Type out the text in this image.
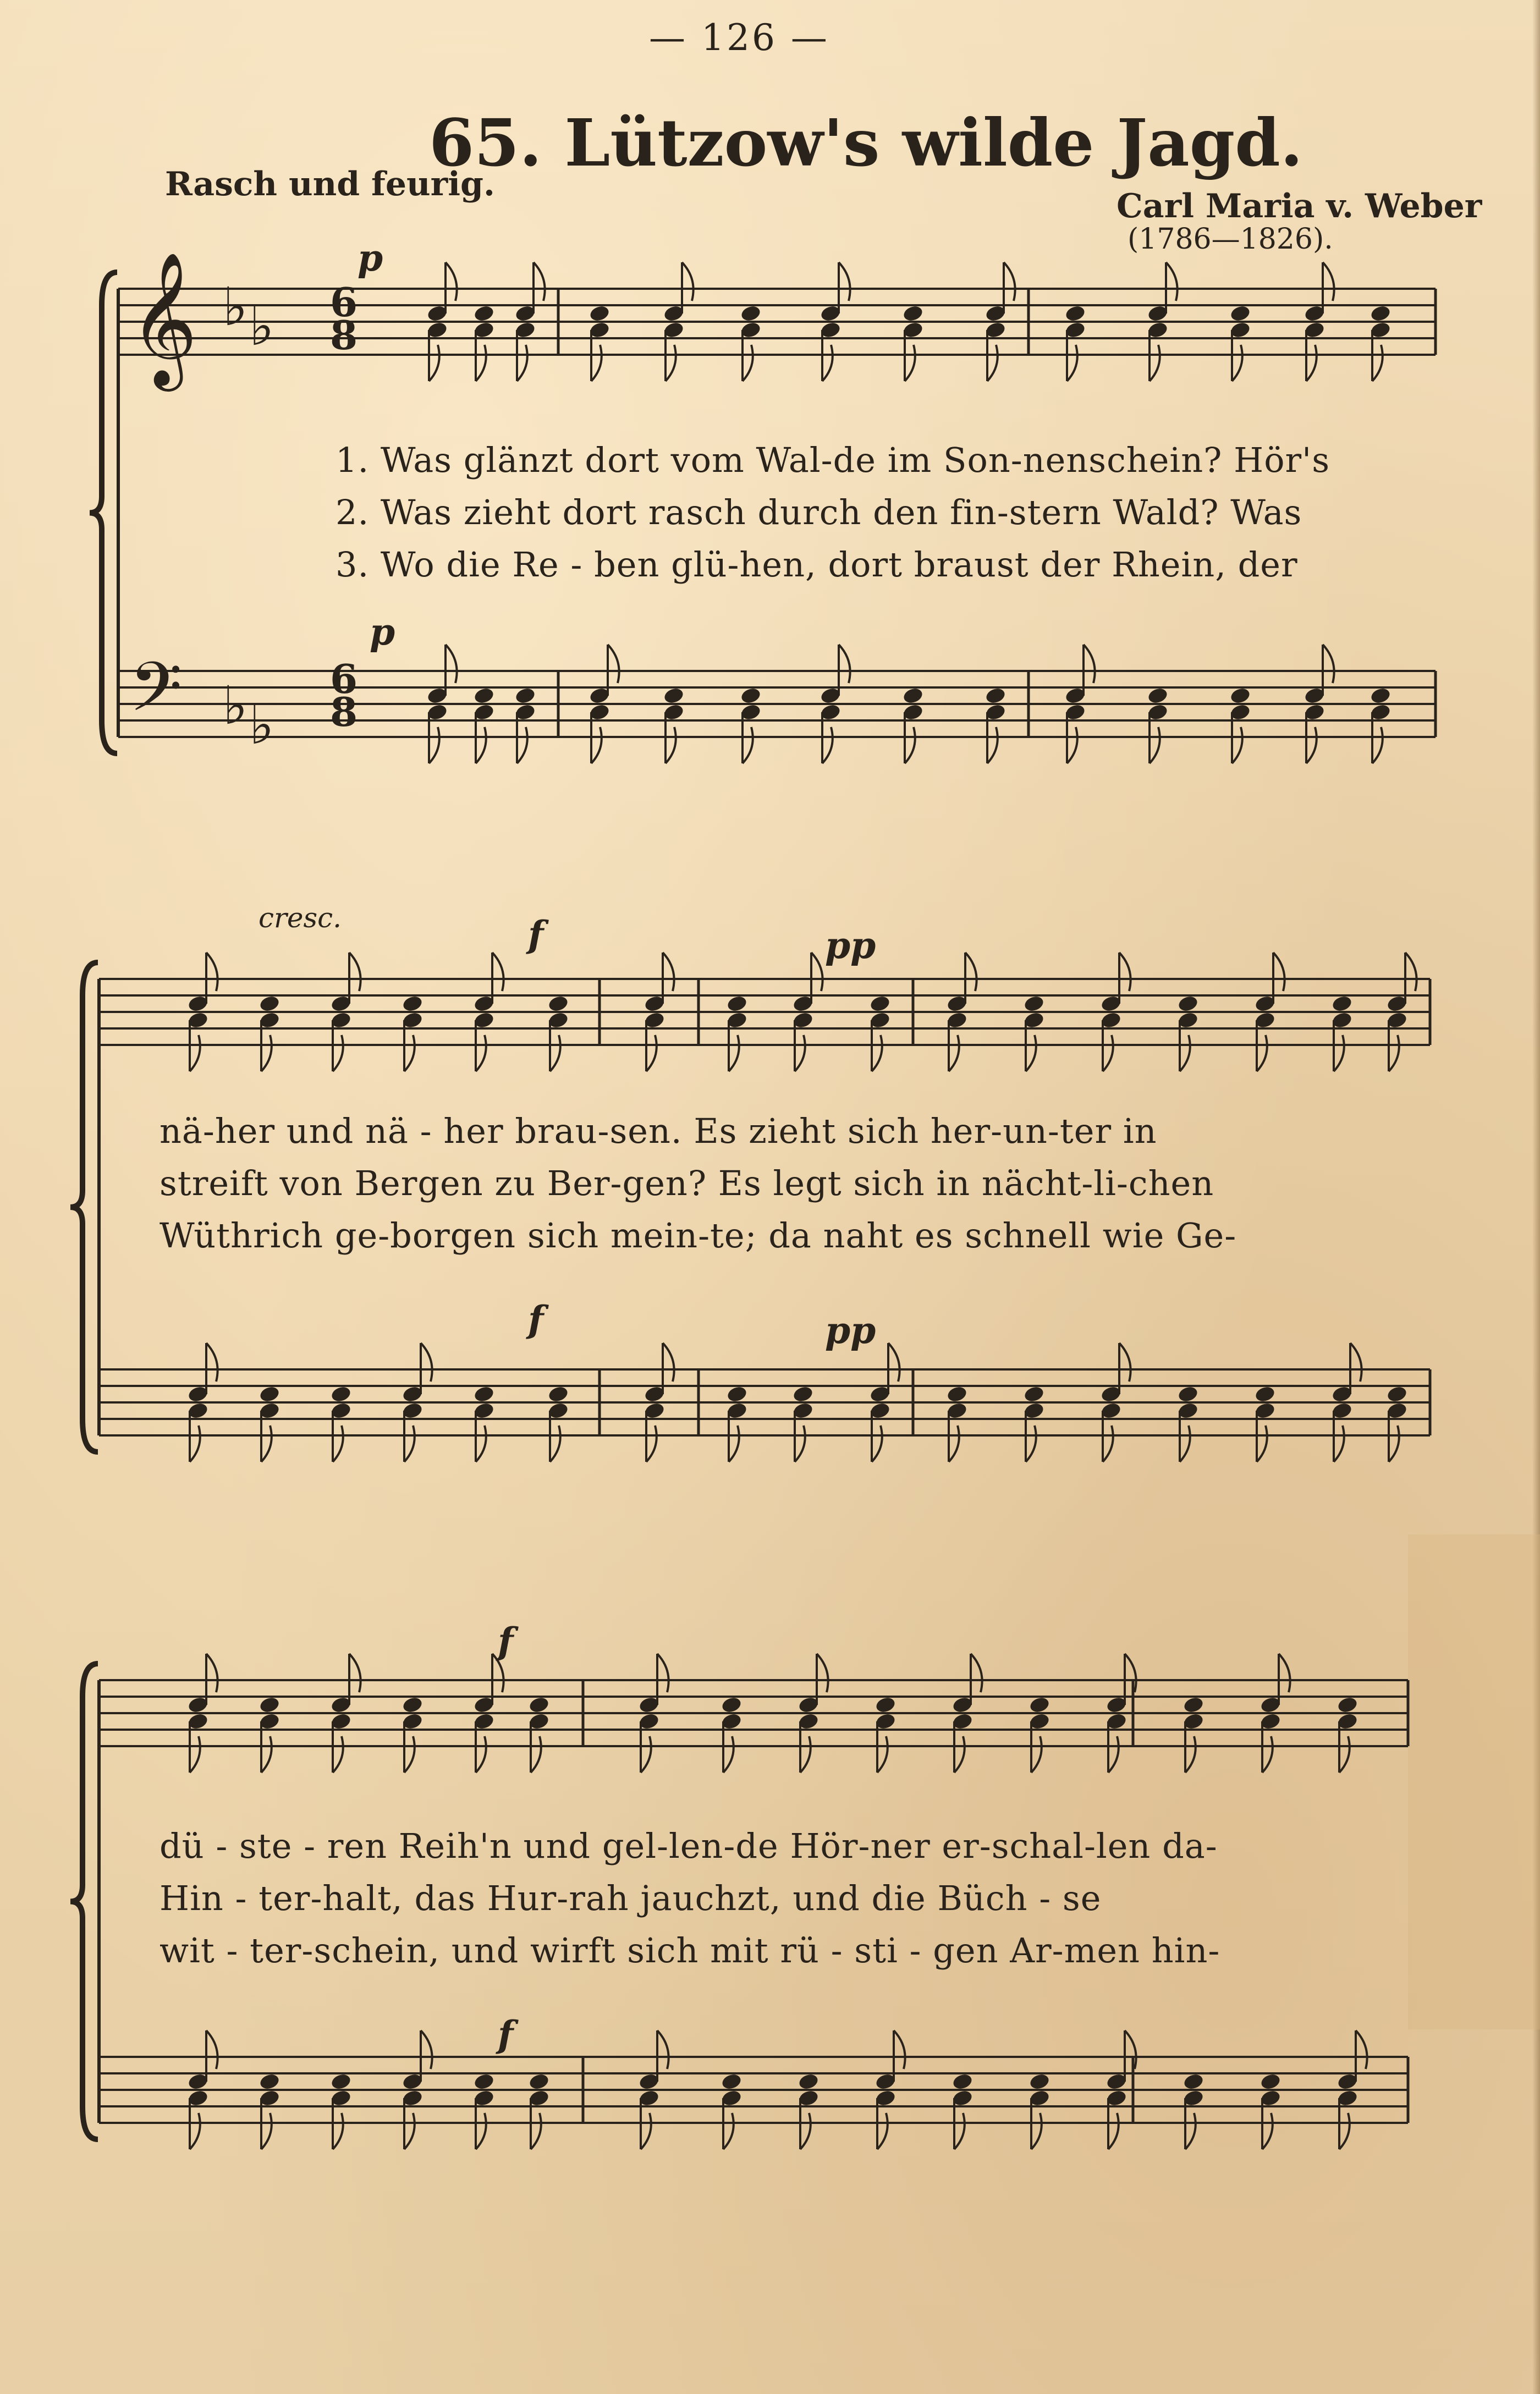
— 126 —
65. Lützow's wilde Jagd.
Rasch und feurig.
Carl Maria v. Weber
(1786—1826).
𝄞
𝄢
♭ ♭
♭ ♭
6
8
6
8
p
p
cresc.	f	pp
f	pp
f
f
1. Was glänzt dort vom Wal-de im Son-nenschein? Hör's
2. Was zieht dort rasch durch den fin-stern Wald? Was
3. Wo die Re - ben glü-hen, dort braust der Rhein, der
nä-her und nä - her brau-sen. Es zieht sich her-un-ter in
streift von Bergen zu Ber-gen? Es legt sich in nächt-li-chen
Wüthrich ge-borgen sich mein-te; da naht es schnell wie Ge-
dü - ste - ren Reih'n und gel-len-de Hör-ner er-schal-len da-
Hin - ter-halt, das Hur-rah jauchzt, und die Büch - se
wit - ter-schein, und wirft sich mit rü - sti - gen Ar-men hin-
